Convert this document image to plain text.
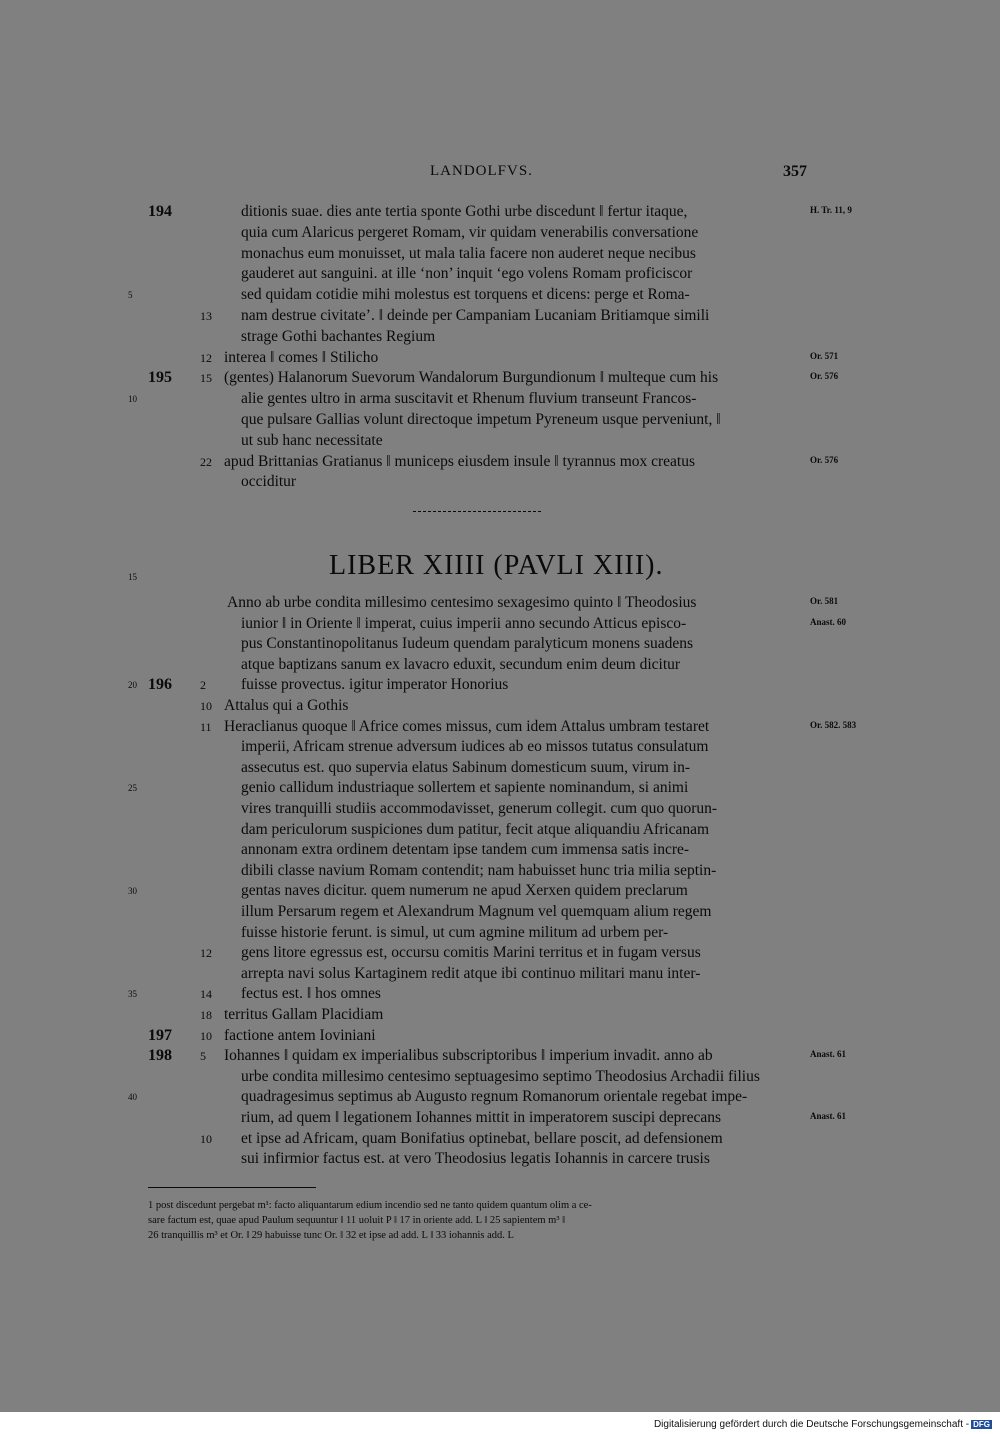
LANDOLFVS.	357
194	ditionis suae. dies ante tertia sponte Gothi urbe discedunt ‖ fertur itaque,	H. Tr. 11, 9
quia cum Alaricus pergeret Romam, vir quidam venerabilis conversatione
monachus eum monuisset, ut mala talia facere non auderet neque necibus
gauderet aut sanguini. at ille ‘non’ inquit ‘ego volens Romam proficiscor
5	sed quidam cotidie mihi molestus est torquens et dicens: perge et Roma-
13	nam destrue civitate’. ‖ deinde per Campaniam Lucaniam Britiamque simili
strage Gothi bachantes Regium
12 interea ‖ comes ‖ Stilicho	Or. 571
195 15 (gentes) Halanorum Suevorum Wandalorum Burgundionum ‖ multeque cum his	Or. 576
10	alie gentes ultro in arma suscitavit et Rhenum fluvium transeunt Francos-
que pulsare Gallias volunt directoque impetum Pyreneum usque perveniunt, ‖
ut sub hanc necessitate
22 apud Brittanias Gratianus ‖ municeps eiusdem insule ‖ tyrannus mox creatus	Or. 576
occiditur
15	LIBER XIIII (PAVLI XIII).
Anno ab urbe condita millesimo centesimo sexagesimo quinto ‖ Theodosius	Or. 581
iunior ‖ in Oriente ‖ imperat, cuius imperii anno secundo Atticus episco-	Anast. 60
pus Constantinopolitanus Iudeum quendam paralyticum monens suadens
atque baptizans sanum ex lavacro eduxit, secundum enim deum dicitur
20 196 2	fuisse provectus. igitur imperator Honorius
10 Attalus qui a Gothis
11 Heraclianus quoque ‖ Africe comes missus, cum idem Attalus umbram testaret	Or. 582. 583
imperii, Africam strenue adversum iudices ab eo missos tutatus consulatum
assecutus est. quo supervia elatus Sabinum domesticum suum, virum in-
25	genio callidum industriaque sollertem et sapiente nominandum, si animi
vires tranquilli studiis accommodavisset, generum collegit. cum quo quorun-
dam periculorum suspiciones dum patitur, fecit atque aliquandiu Africanam
annonam extra ordinem detentam ipse tandem cum immensa satis incre-
dibili classe navium Romam contendit; nam habuisset hunc tria milia septin-
30	gentas naves dicitur. quem numerum ne apud Xerxen quidem preclarum
illum Persarum regem et Alexandrum Magnum vel quemquam alium regem
fuisse historie ferunt. is simul, ut cum agmine militum ad urbem per-
12	gens litore egressus est, occursu comitis Marini territus et in fugam versus
arrepta navi solus Kartaginem redit atque ibi continuo militari manu inter-
35	14	fectus est. ‖ hos omnes
18 territus Gallam Placidiam
197 10 factione antem Ioviniani
198 5	Iohannes ‖ quidam ex imperialibus subscriptoribus ‖ imperium invadit. anno ab	Anast. 61
urbe condita millesimo centesimo septuagesimo septimo Theodosius Archadii filius
40	quadragesimus septimus ab Augusto regnum Romanorum orientale regebat impe-
rium, ad quem ‖ legationem Iohannes mittit in imperatorem suscipi deprecans	Anast. 61
10	et ipse ad Africam, quam Bonifatius optinebat, bellare poscit, ad defensionem
sui infirmior factus est. at vero Theodosius legatis Iohannis in carcere trusis
1 post discedunt pergebat m¹: facto aliquantarum edium incendio sed ne tanto quidem quantum olim a ce-
sare factum est, quae apud Paulum sequuntur ‖ 11 uoluit P ‖ 17 in oriente add. L ‖ 25 sapientem m³ ‖
26 tranquillis m³ et Or. ‖ 29 habuisse tunc Or. ‖ 32 et ipse ad add. L ‖ 33 iohannis add. L
Digitalisierung gefördert durch die Deutsche Forschungsgemeinschaft - DFG
